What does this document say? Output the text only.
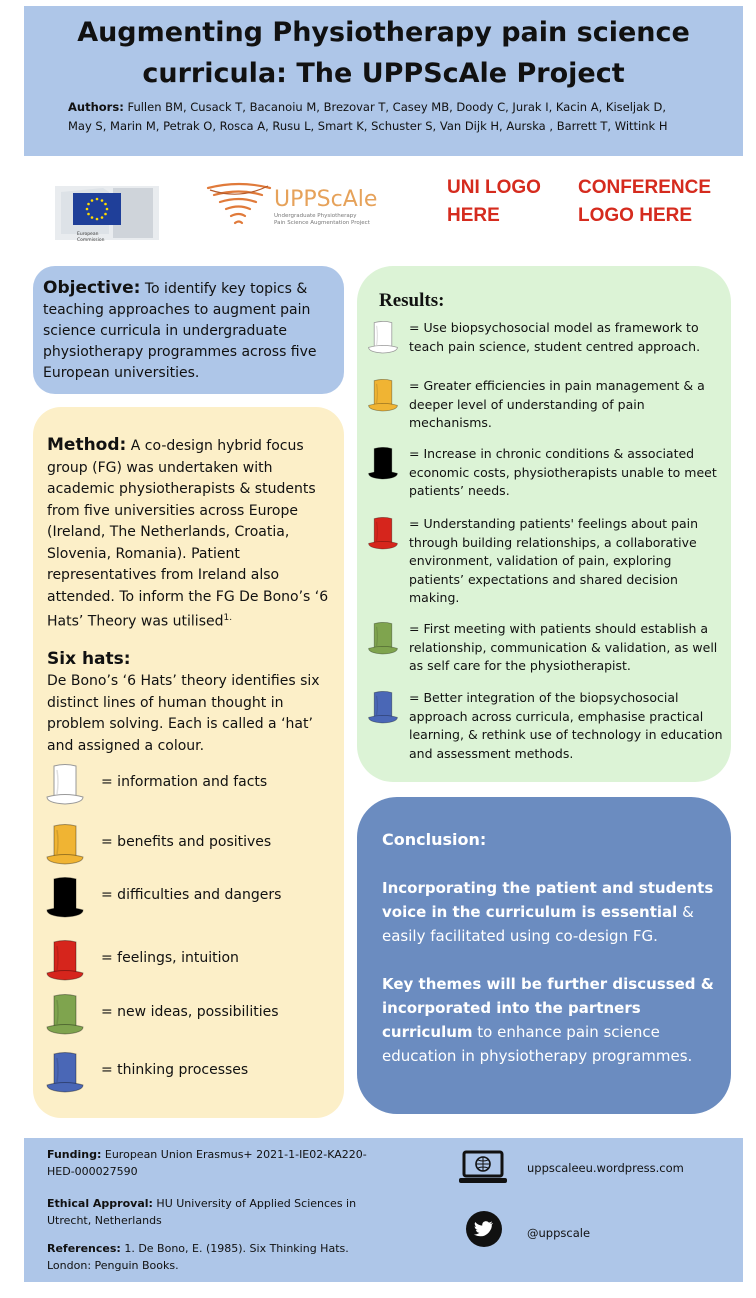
Augmenting Physiotherapy pain science
curricula: The UPPScAle Project
Authors: Fullen BM, Cusack T, Bacanoiu M, Brezovar T, Casey MB, Doody C, Jurak I, Kacin A, Kiseljak D,
May S, Marin M, Petrak O, Rosca A, Rusu L, Smart K, Schuster S, Van Dijk H, Aurska , Barrett T, Wittink H
European
Commission
UPPScAle
Undergraduate Physiotherapy
Pain Science Augmentation Project
UNI LOGO
HERE
CONFERENCE
LOGO HERE
Objective: To identify key topics & teaching approaches to augment pain science curricula in undergraduate physiotherapy programmes across five European universities.
Method: A co-design hybrid focus group (FG) was undertaken with academic physiotherapists & students from five universities across Europe (Ireland, The Netherlands, Croatia, Slovenia, Romania). Patient representatives from Ireland also attended. To inform the FG De Bono’s ‘6 Hats’ Theory was utilised$^{1.}$
Six hats:
De Bono’s ‘6 Hats’ theory identifies six distinct lines of human thought in problem solving. Each is called a ‘hat’ and assigned a colour.
= information and facts
= benefits and positives
= difficulties and dangers
= feelings, intuition
= new ideas, possibilities
= thinking processes
Results:
= Use biopsychosocial model as framework to teach pain science, student centred approach.
= Greater efficiencies in pain management & a deeper level of understanding of pain mechanisms.
= Increase in chronic conditions & associated economic costs, physiotherapists unable to meet patients’ needs.
= Understanding patients' feelings about pain through building relationships, a collaborative environment, validation of pain, exploring patients’ expectations and shared decision making.
= First meeting with patients should establish a relationship, communication & validation, as well as self care for the physiotherapist.
= Better integration of the biopsychosocial approach across curricula, emphasise practical learning, & rethink use of technology in education and assessment methods.
Conclusion:
Incorporating the patient and students voice in the curriculum is essential & easily facilitated using co-design FG.
Key themes will be further discussed & incorporated into the partners curriculum to enhance pain science education in physiotherapy programmes.
Funding: European Union Erasmus+ 2021-1-IE02-KA220-HED-000027590
Ethical Approval: HU University of Applied Sciences in Utrecht, Netherlands
References: 1. De Bono, E. (1985). Six Thinking Hats. London: Penguin Books.
uppscaleeu.wordpress.com
@uppscale
